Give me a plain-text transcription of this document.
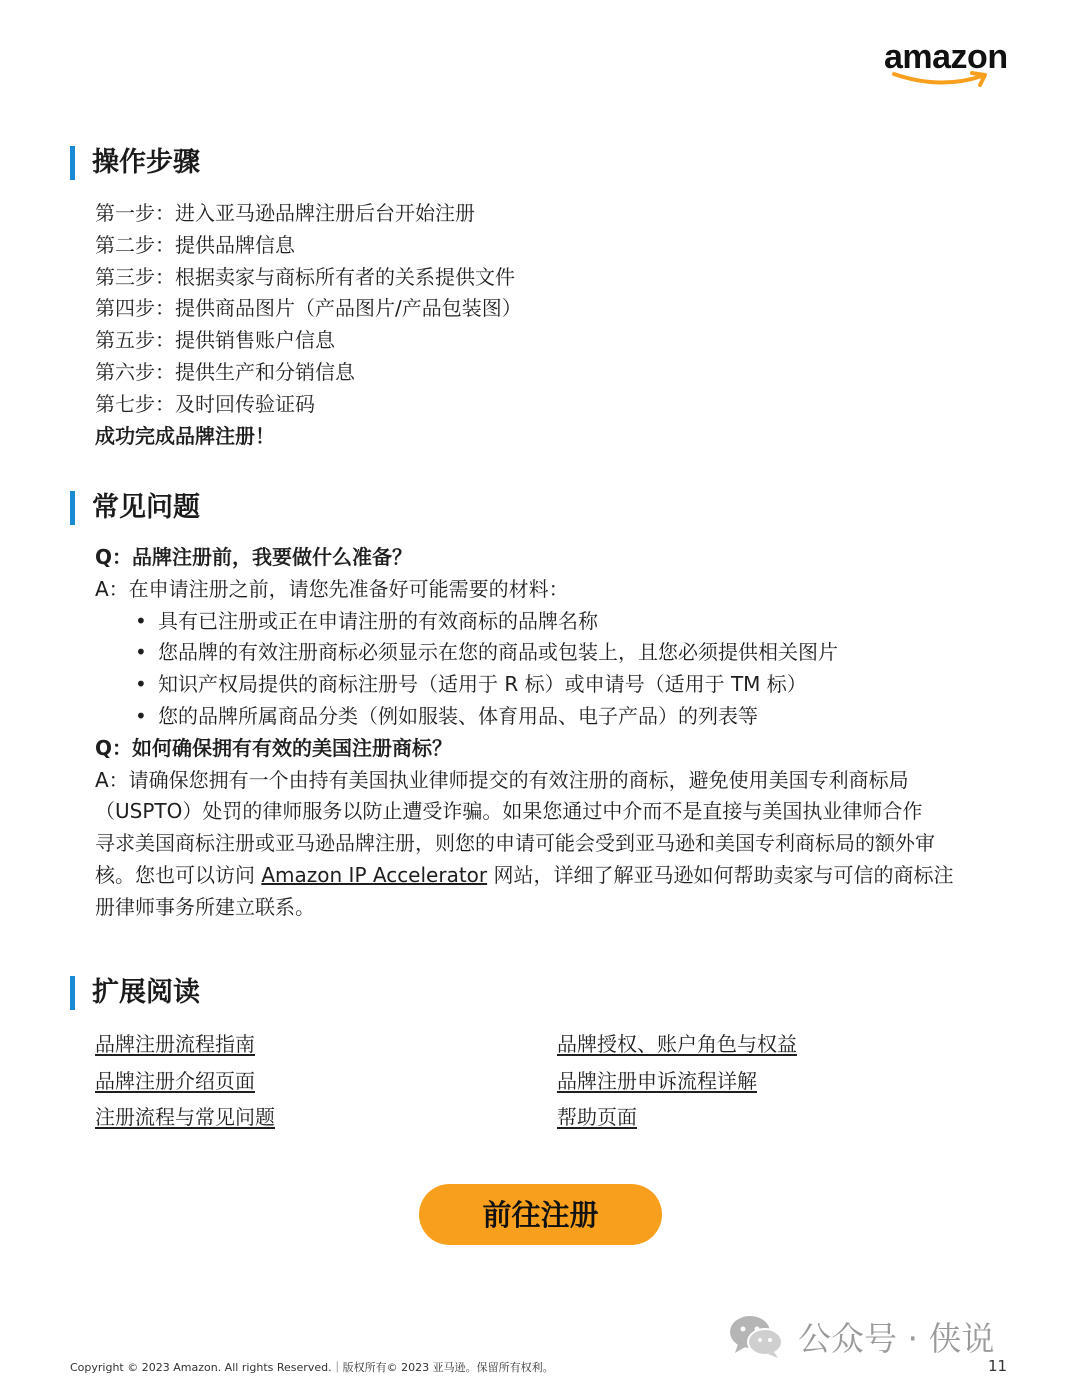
amazon
操作步骤
第一步：进入亚马逊品牌注册后台开始注册
第二步：提供品牌信息
第三步：根据卖家与商标所有者的关系提供文件
第四步：提供商品图片（产品图片/产品包装图）
第五步：提供销售账户信息
第六步：提供生产和分销信息
第七步：及时回传验证码
成功完成品牌注册！
常见问题
Q：品牌注册前，我要做什么准备？
A：在申请注册之前，请您先准备好可能需要的材料：
• 具有已注册或正在申请注册的有效商标的品牌名称
• 您品牌的有效注册商标必须显示在您的商品或包装上，且您必须提供相关图片
• 知识产权局提供的商标注册号（适用于 R 标）或申请号（适用于 TM 标）
• 您的品牌所属商品分类（例如服装、体育用品、电子产品）的列表等
Q：如何确保拥有有效的美国注册商标？

A：请确保您拥有一个由持有美国执业律师提交的有效注册的商标，避免使用美国专利商标局

（USPTO）处罚的律师服务以防止遭受诈骗。如果您通过中介而不是直接与美国执业律师合作

寻求美国商标注册或亚马逊品牌注册，则您的申请可能会受到亚马逊和美国专利商标局的额外审

核。您也可以访问 Amazon IP Accelerator 网站，详细了解亚马逊如何帮助卖家与可信的商标注

册律师事务所建立联系。

扩展阅读
品牌注册流程指南
品牌注册介绍页面
注册流程与常见问题
品牌授权、账户角色与权益
品牌注册申诉流程详解
帮助页面
前往注册
公众号 · 侠说
Copyright © 2023 Amazon. All rights Reserved.｜版权所有© 2023 亚马逊。保留所有权利。	11
